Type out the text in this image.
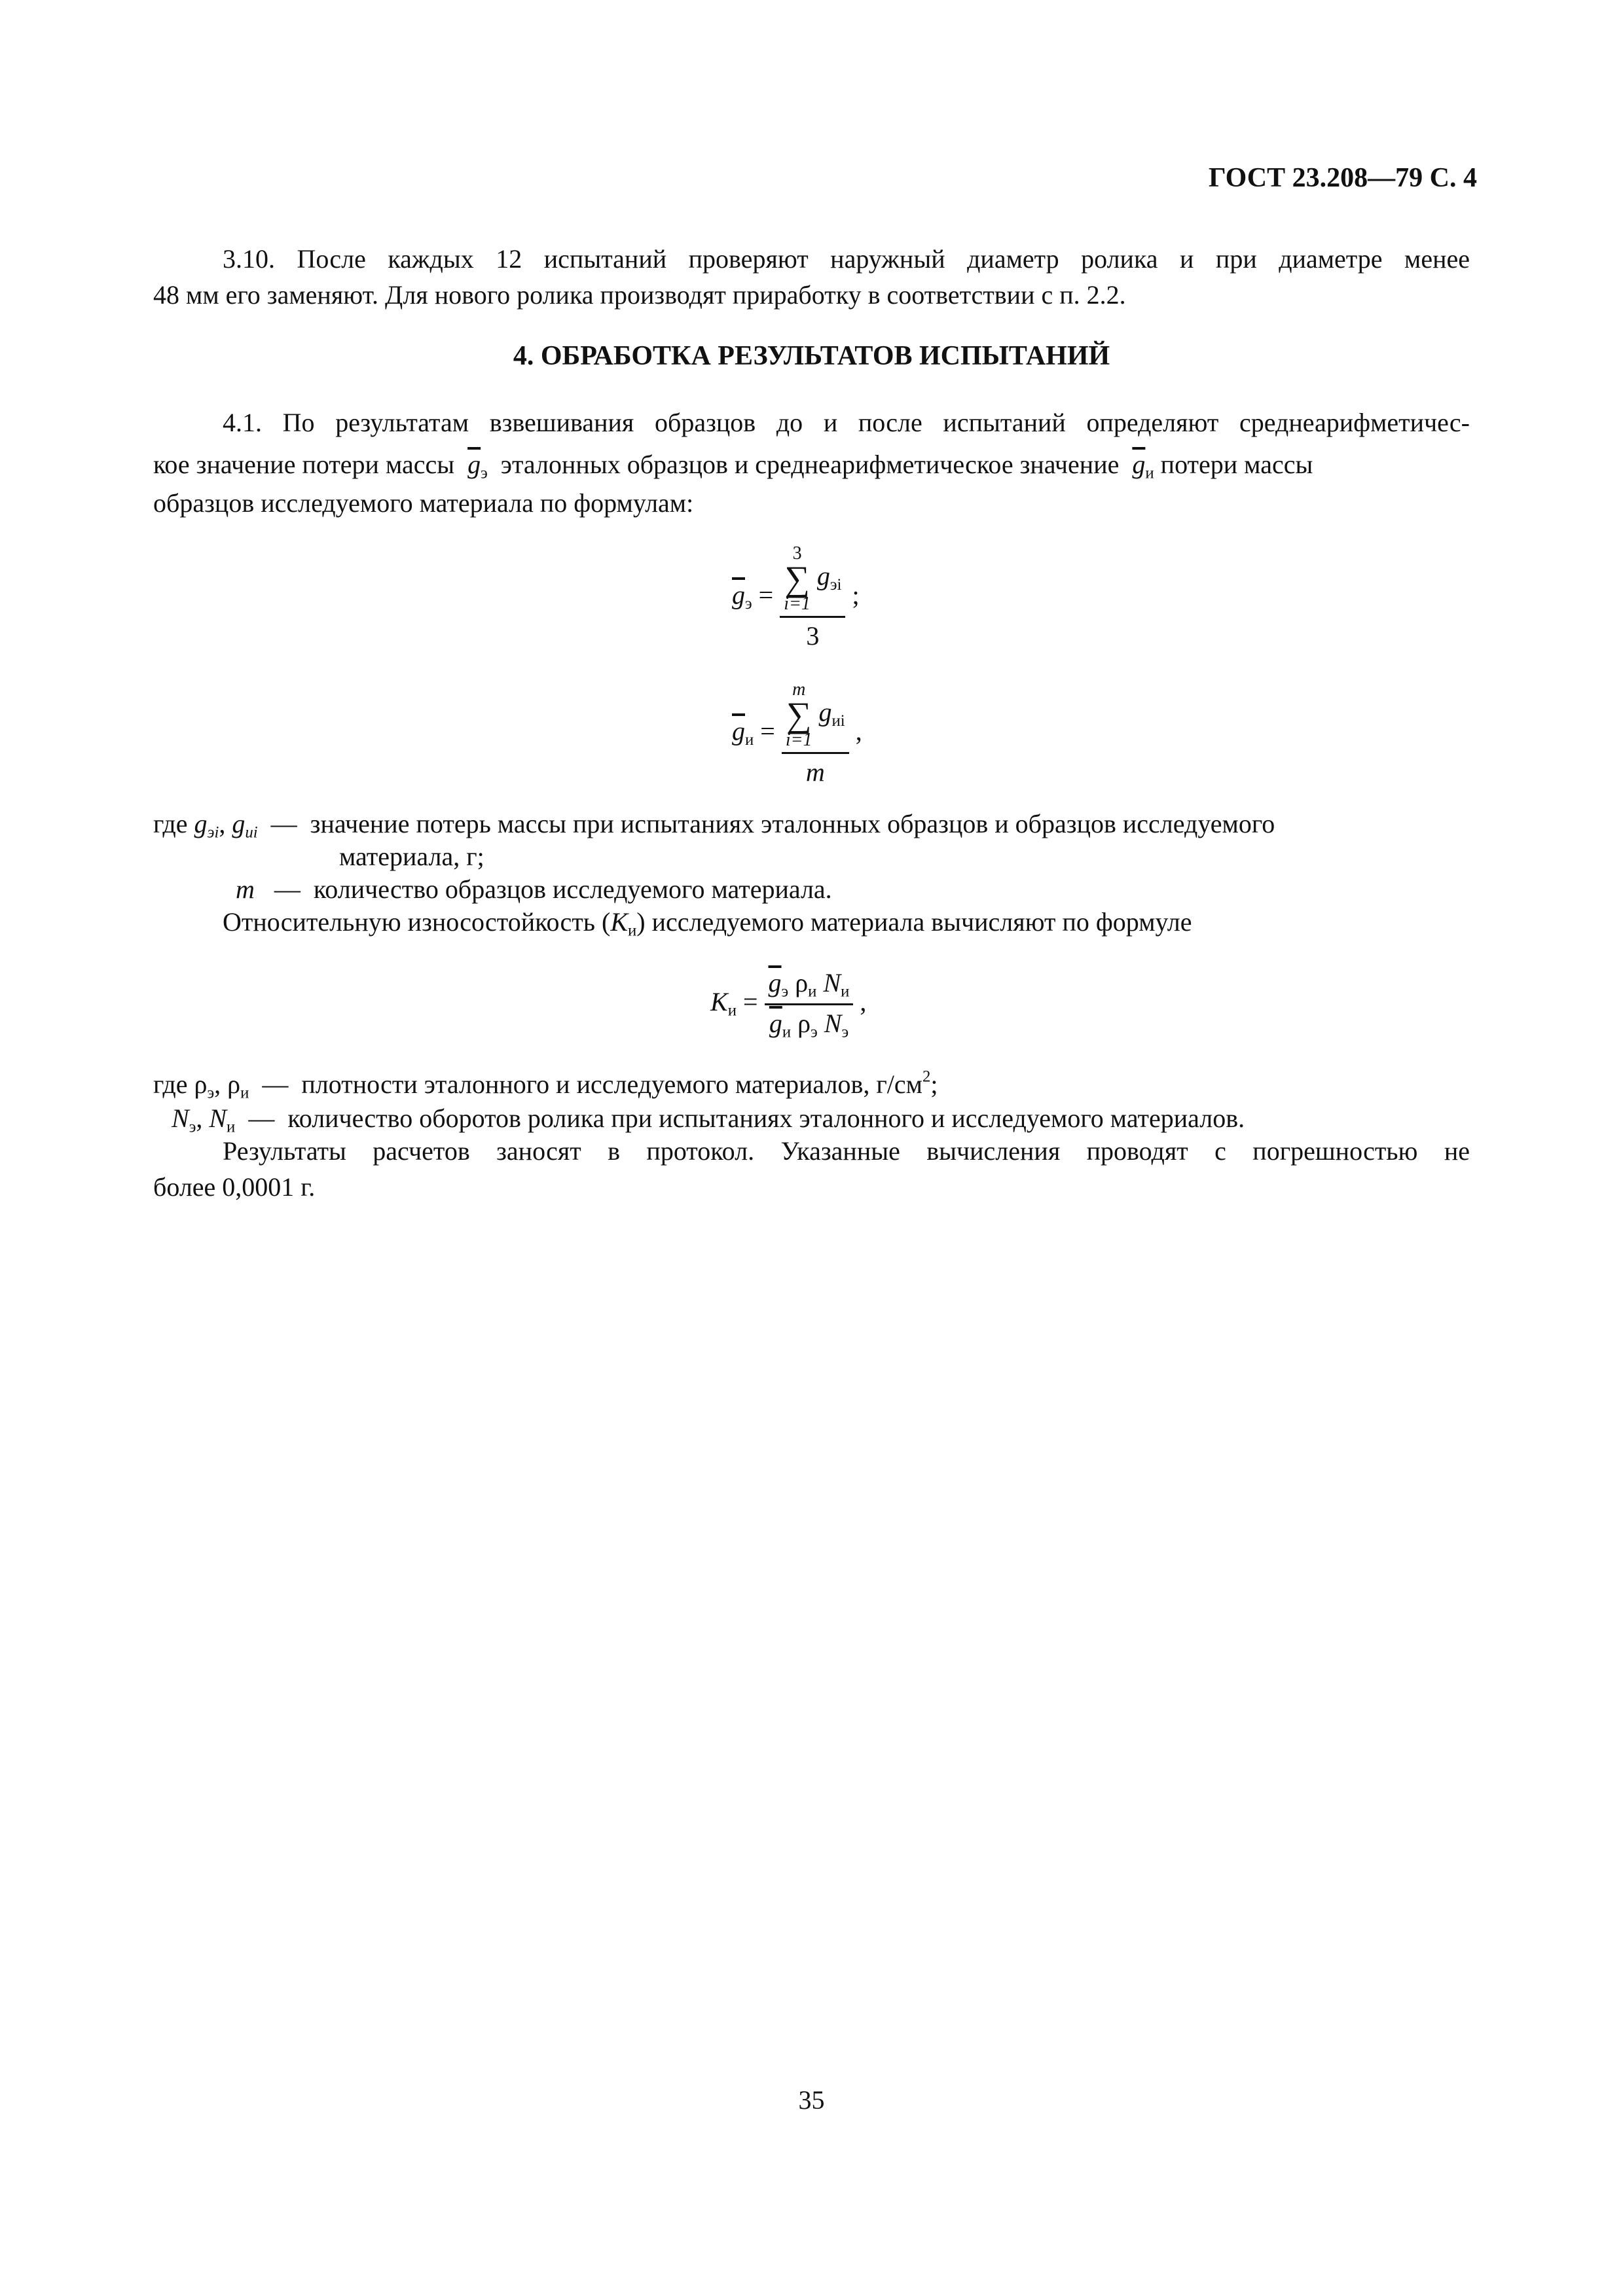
ГОСТ 23.208—79 С. 4
3.10. После каждых 12 испытаний проверяют наружный диаметр ролика и при диаметре менее
48 мм его заменяют. Для нового ролика производят приработку в соответствии с п. 2.2.
4. ОБРАБОТКА РЕЗУЛЬТАТОВ ИСПЫТАНИЙ
4.1. По результатам взвешивания образцов до и после испытаний определяют среднеарифметичес-
кое значение потери массы $\overline{g}_э$ эталонных образцов и среднеарифметическое значение $\overline{g}_и$ потери массы
образцов исследуемого материала по формулам:
$\overline{g}_э = 3$
∑
i=1 $g_{эi}$
3 ;
$\overline{g}_и = m$
∑
i=1 $g_{иi}$
m ,
где $g_{эi}$, $g_{иi}$ — значение потерь массы при испытаниях эталонных образцов и образцов исследуемого
материала, г;
m — количество образцов исследуемого материала.
Относительную износостойкость $(K_и)$ исследуемого материала вычисляют по формуле
$K_и = \frac{\overline{g}_э \rho_и N_и}{\overline{g}_и \rho_э N_э}$ ,
где $\rho_э$, $\rho_и$ — плотности эталонного и исследуемого материалов, $г/см^2$;
$N_э$, $N_и$ — количество оборотов ролика при испытаниях эталонного и исследуемого материалов.
Результаты расчетов заносят в протокол. Указанные вычисления проводят с погрешностью не
более 0,0001 г.
35
